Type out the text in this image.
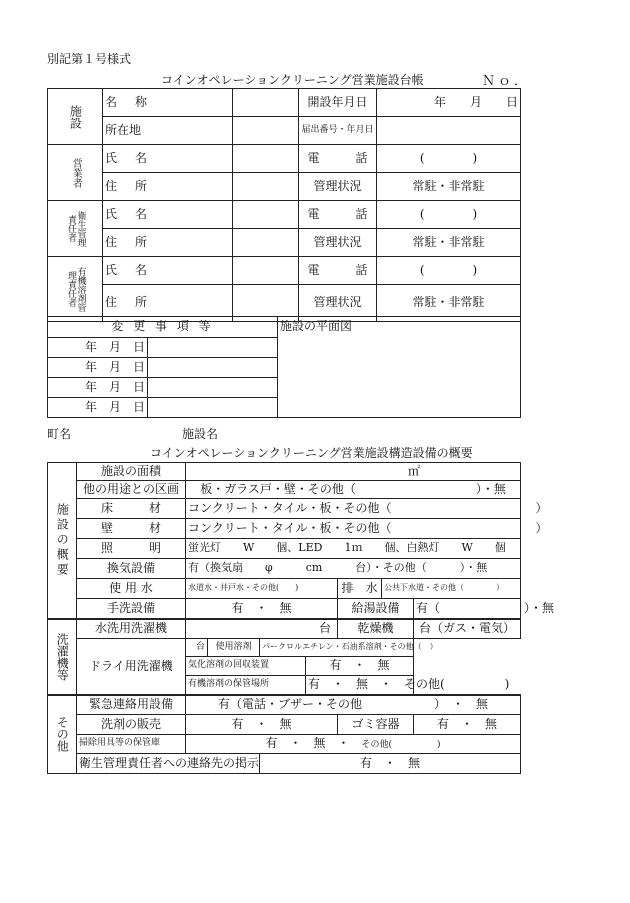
別記第１号様式
コインオペレーションクリーニング営業施設台帳	Ｎｏ．
施設	名　称		開設年月日	年　　月　　日
	所在地		届出番号・年月日	

営業者	氏　名		電　　　話	(　　　　)
	住　所		管理状況	常駐・非常駐
責任者衛生管理	氏　名		電　　　話	(　　　　)
	住　所		管理状況	常駐・非常駐
理責任者有機溶剤管	氏　名		電　　　話	(　　　　)
	住　所		管理状況	常駐・非常駐
変 更 事 項 等		施設の平面図
年　月　日		
年　月　日		
年　月　日		
年　月　日		
町名	施設名
コインオペレーションクリーニング営業施設構造設備の概要
施設の概要	施設の面積	㎡						
	他の用途との区画	板・ガラス戸・壁・その他（　　　　　　　　　　）・無						
	床　　　材	コンクリート・タイル・板・その他（　　　　　　　　　　　　）						
	壁　　　材	コンクリート・タイル・板・その他（　　　　　　　　　　　　）						
	照　　　明	蛍光灯　　W　　個、LED　　1ｍ　　個、白熱灯　　W　　個						
	換気設備	有（換気扇　　φ　　　cm　　　台）・その他（　　　）・無						
	使 用 水	水道水・井戸水・その他(　　)				排　水	公共下水道・その他（　　　　）	
	手洗設備	有　・　無				給湯設備		有（　　　　　　　）・無

洗濯機等	水洗用洗濯機	台				乾燥機		台（ガス・電気）
	ドライ用洗濯機	台	使用溶剤	パークロルエチレン・石油系溶剤・その他（　）				
		気化溶剤の回収装置			有　・　無			
		有機溶剤の保管場所			有　・　無　・　その他(　　　　　)			

その他	緊急連絡用設備	有（電話・ブザー・その他　　　　　　）　・　無						
	洗剤の販売	有　・　無				ゴミ容器		有　・　無
	掃除用具等の保管庫	有　・　無　・　 その他(　　　　　)						
	衛生管理責任者への連絡先の掲示			有　・　無				
